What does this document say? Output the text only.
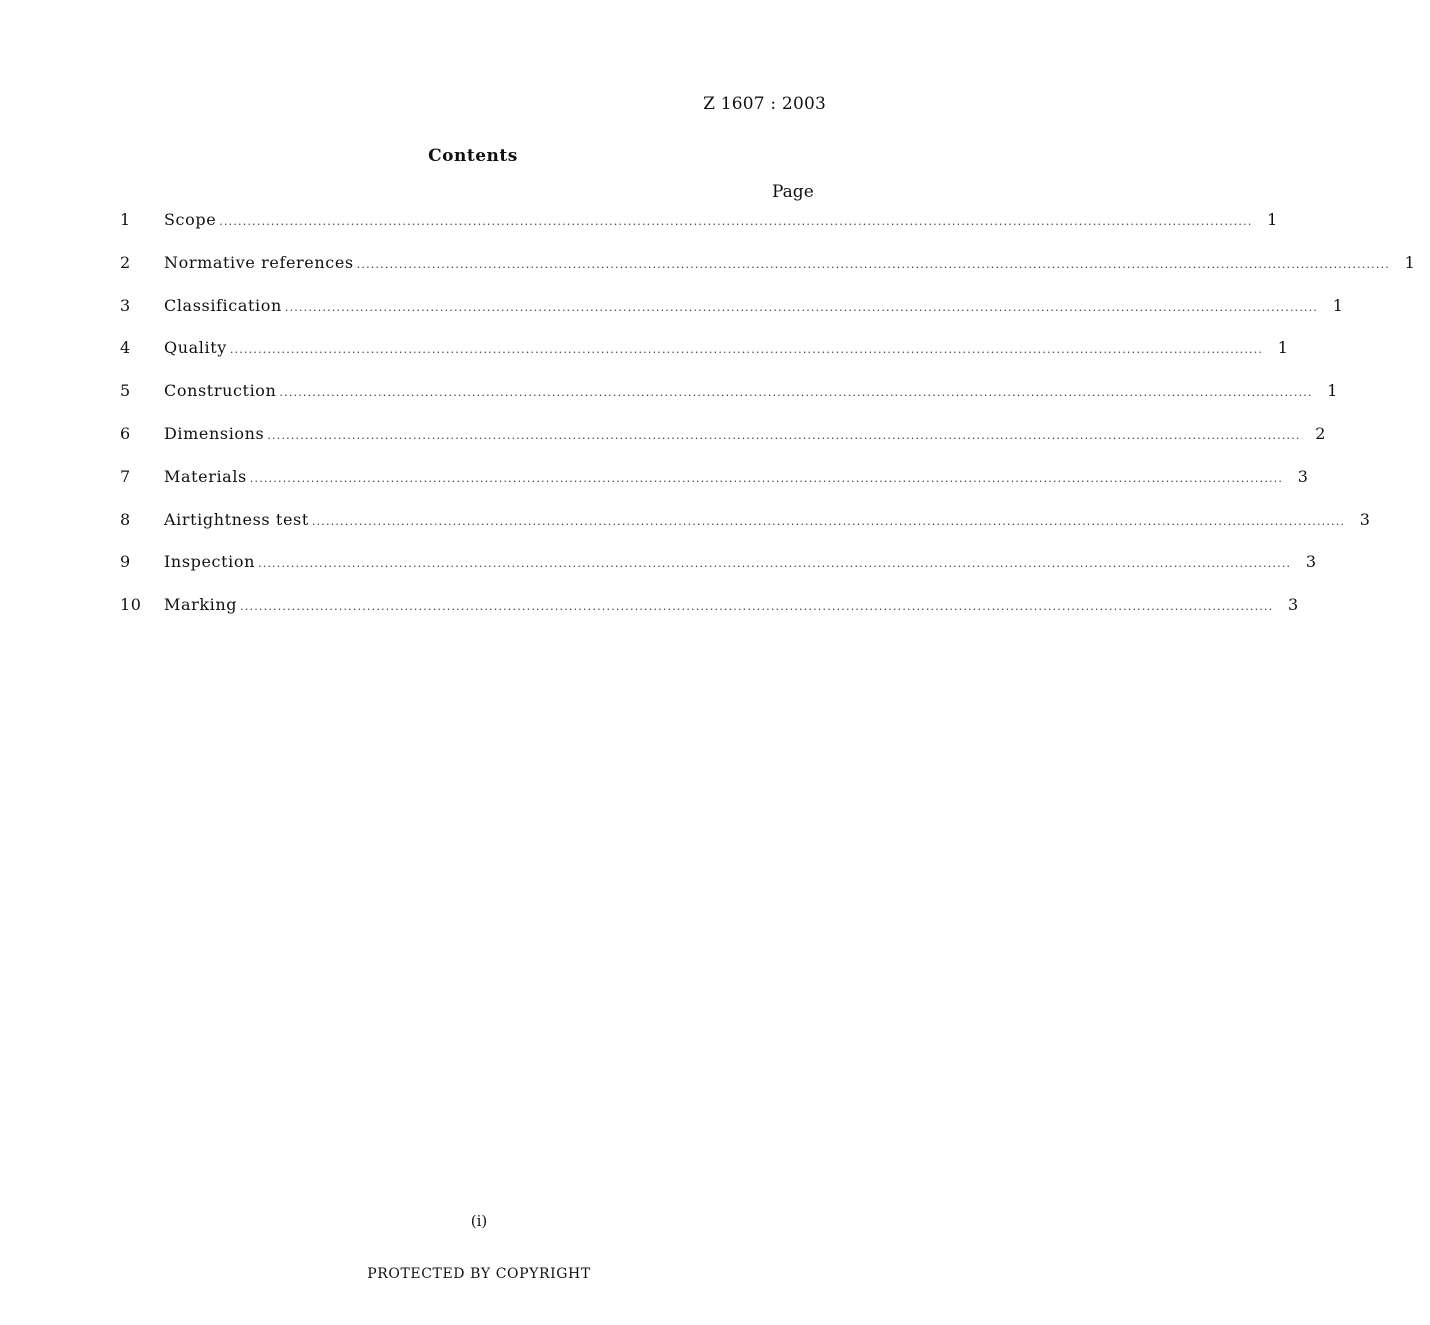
Z 1607 : 2003
Contents
Page
1	Scope ............................................................................................................................................................................................................................ 1
2	Normative references ............................................................................................................................................................................................................................ 1
3	Classification ............................................................................................................................................................................................................................ 1
4	Quality ............................................................................................................................................................................................................................ 1
5	Construction ............................................................................................................................................................................................................................ 1
6	Dimensions ............................................................................................................................................................................................................................ 2
7	Materials ............................................................................................................................................................................................................................ 3
8	Airtightness test ............................................................................................................................................................................................................................ 3
9	Inspection ............................................................................................................................................................................................................................ 3
10	Marking ............................................................................................................................................................................................................................ 3
(i)
PROTECTED BY COPYRIGHT
